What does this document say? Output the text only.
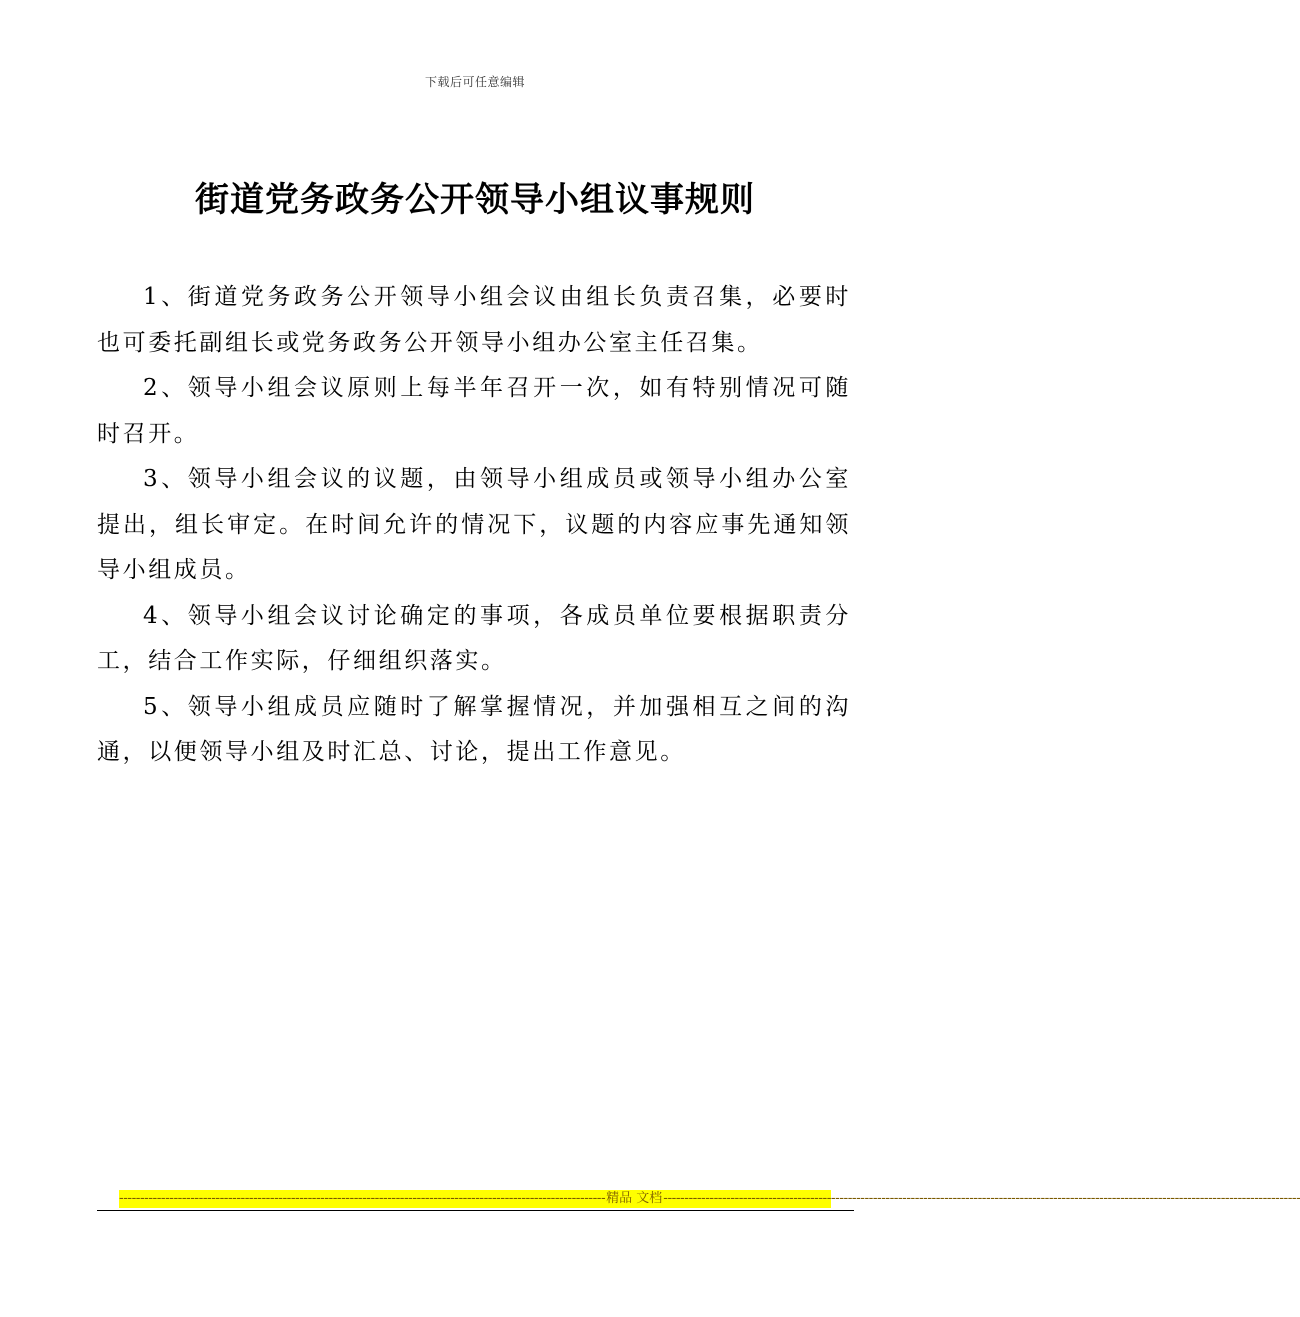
下载后可任意编辑
街道党务政务公开领导小组议事规则

1、街道党务政务公开领导小组会议由组长负责召集，必要时也可委托副组长或党务政务公开领导小组办公室主任召集。

2、领导小组会议原则上每半年召开一次，如有特别情况可随时召开。

3、领导小组会议的议题，由领导小组成员或领导小组办公室提出，组长审定。在时间允许的情况下，议题的内容应事先通知领导小组成员。

4、领导小组会议讨论确定的事项，各成员单位要根据职责分工，结合工作实际，仔细组织落实。

5、领导小组成员应随时了解掌握情况，并加强相互之间的沟通，以便领导小组及时汇总、讨论，提出工作意见。

-------------------------------------------------------------------------------------------------------------------- 精品 文档 --------------------------------------------------------------------------------------------------------------------------------------------------------
